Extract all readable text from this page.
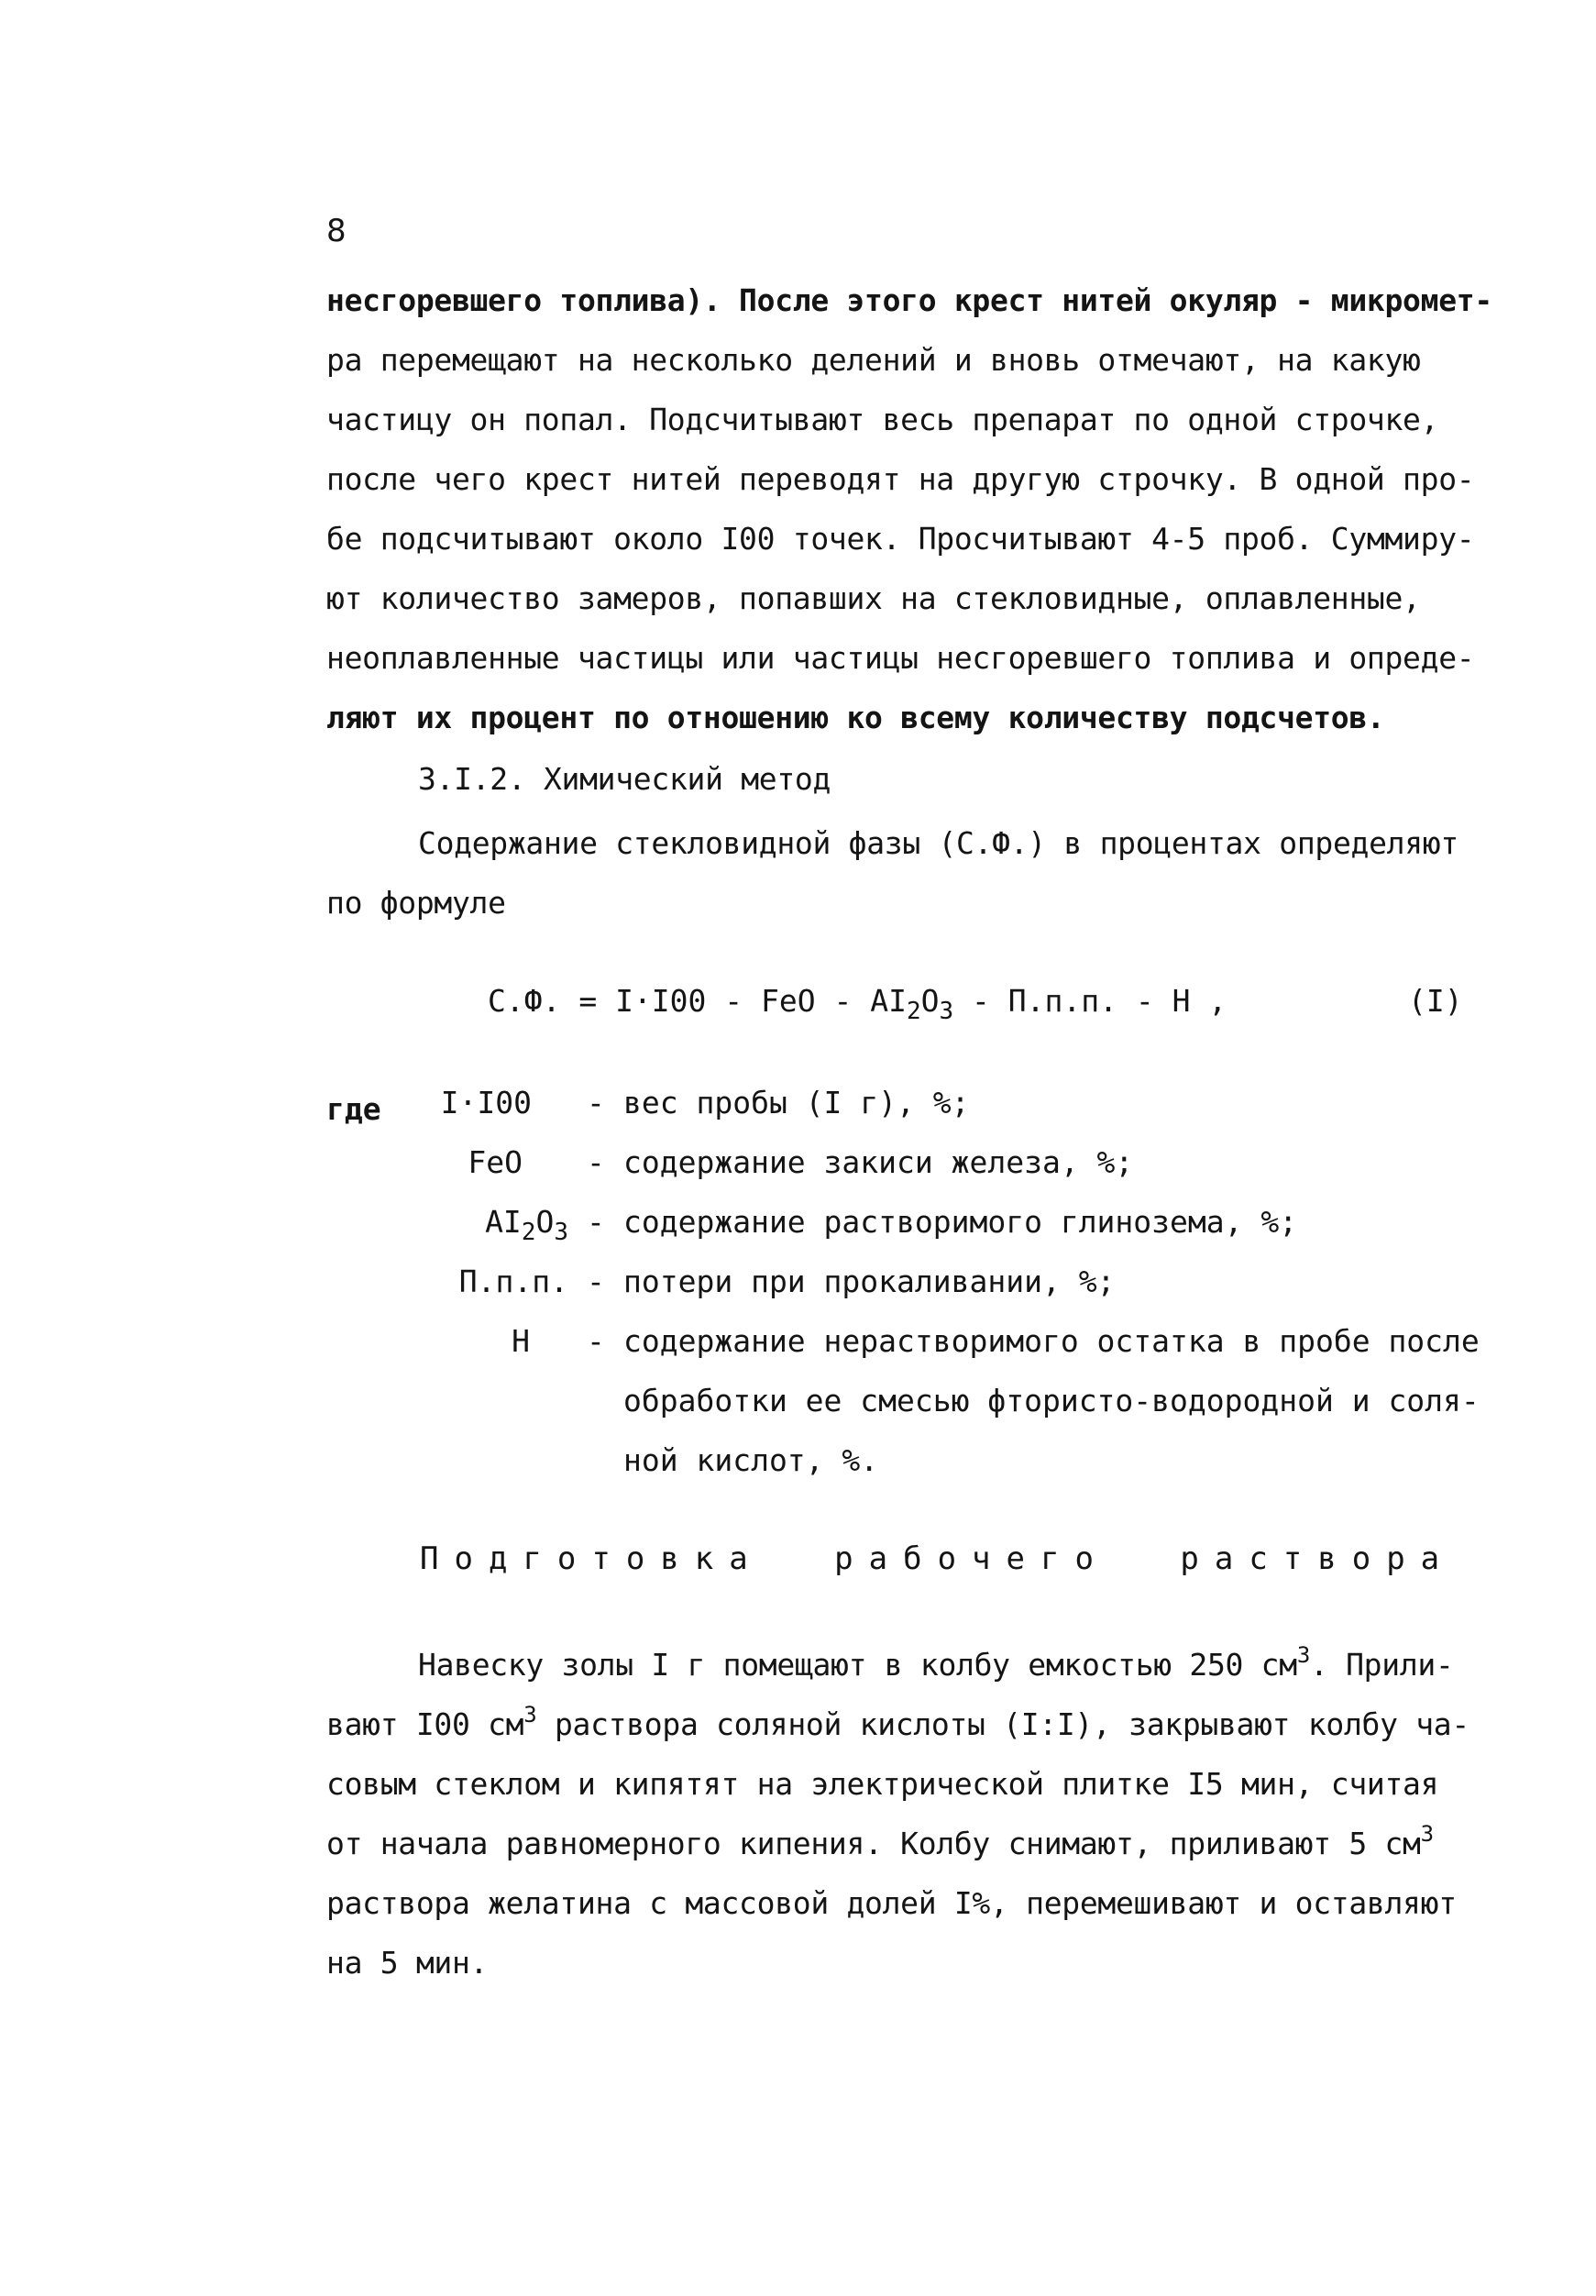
8
несгоревшего топлива). После этого крест нитей окуляр - микромет-
ра перемещают на несколько делений и вновь отмечают, на какую
частицу он попал. Подсчитывают весь препарат по одной строчке,
после чего крест нитей переводят на другую строчку. В одной про-
бе подсчитывают около I00 точек. Просчитывают 4-5 проб. Суммиру-
ют количество замеров, попавших на стекловидные, оплавленные,
неоплавленные частицы или частицы несгоревшего топлива и опреде-
ляют их процент по отношению ко всему количеству подсчетов.
3.I.2. Химический метод
Содержание стекловидной фазы (С.Ф.) в процентах определяют
по формуле
С.Ф. = I·I00 - FeO - $AI_2O_3 - П.п.п$. - Н ,	(I)
где	I·I00 - вес пробы (I г), %;
FeO - содержание закиси железа, %;
$AI_2O_3$ - содержание растворимого глинозема, %;
П.п.п. - потери при прокаливании, %;
Н - содержание нерастворимого остатка в пробе после
обработки ее смесью фтористо-водородной и соля-
ной кислот, %.
Подготовка рабочего раствора
Навеску золы I г помещают в колбу емкостью 250 $см^3$. Прили-
вают I00 $см^3$ раствора соляной кислоты (I:I), закрывают колбу ча-
совым стеклом и кипятят на электрической плитке I5 мин, считая
от начала равномерного кипения. Колбу снимают, приливают 5 $см^3$
раствора желатина с массовой долей I%, перемешивают и оставляют
на 5 мин.
